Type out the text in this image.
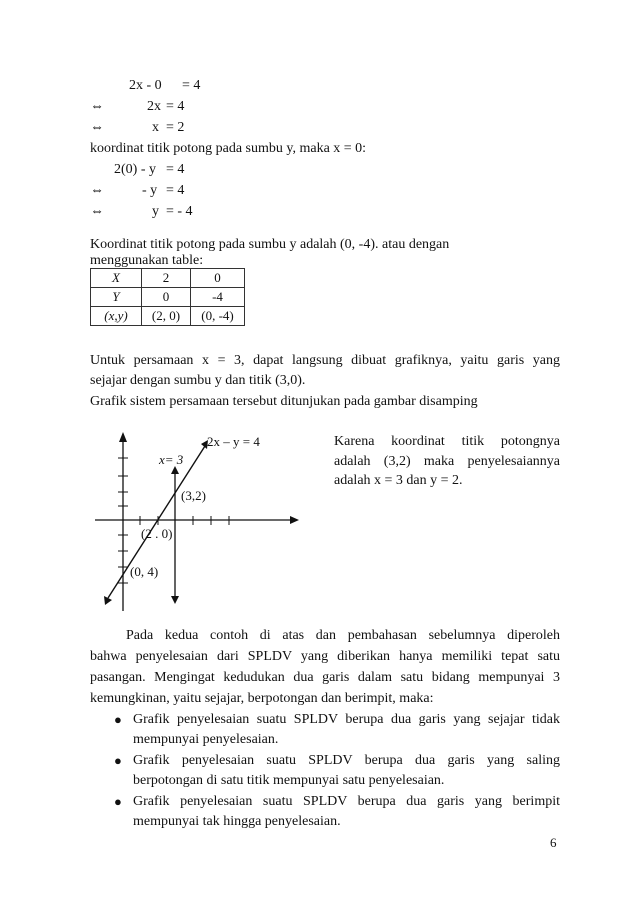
2x - 0 = 4
⇔	2x = 4
⇔	x = 2
koordinat titik potong pada sumbu y, maka x = 0:
2(0) - y = 4
⇔	- y = 4
⇔	y = - 4
Koordinat titik potong pada sumbu y adalah (0, -4). atau dengan
menggunakan table:
X	2	0
Y	0	-4
(x,y)	(2, 0)	(0, -4)
Untuk persamaan x = 3, dapat langsung dibuat grafiknya, yaitu garis yang
sejajar dengan sumbu y dan titik (3,0).
Grafik sistem persamaan tersebut ditunjukan pada gambar disamping
2x – y = 4
x= 3
(3,2)
(2 . 0)
(0, 4)
Karena koordinat titik potongnya
adalah (3,2) maka penyelesaiannya
adalah x = 3 dan y = 2.
Pada kedua contoh di atas dan pembahasan sebelumnya diperoleh
bahwa penyelesaian dari SPLDV yang diberikan hanya memiliki tepat satu
pasangan. Mengingat kedudukan dua garis dalam satu bidang mempunyai 3
kemungkinan, yaitu sejajar, berpotongan dan berimpit, maka:
● Grafik penyelesaian suatu SPLDV berupa dua garis yang sejajar tidak
mempunyai penyelesaian.
● Grafik penyelesaian suatu SPLDV berupa dua garis yang saling
berpotongan di satu titik mempunyai satu penyelesaian.
● Grafik penyelesaian suatu SPLDV berupa dua garis yang berimpit
mempunyai tak hingga penyelesaian.
6
